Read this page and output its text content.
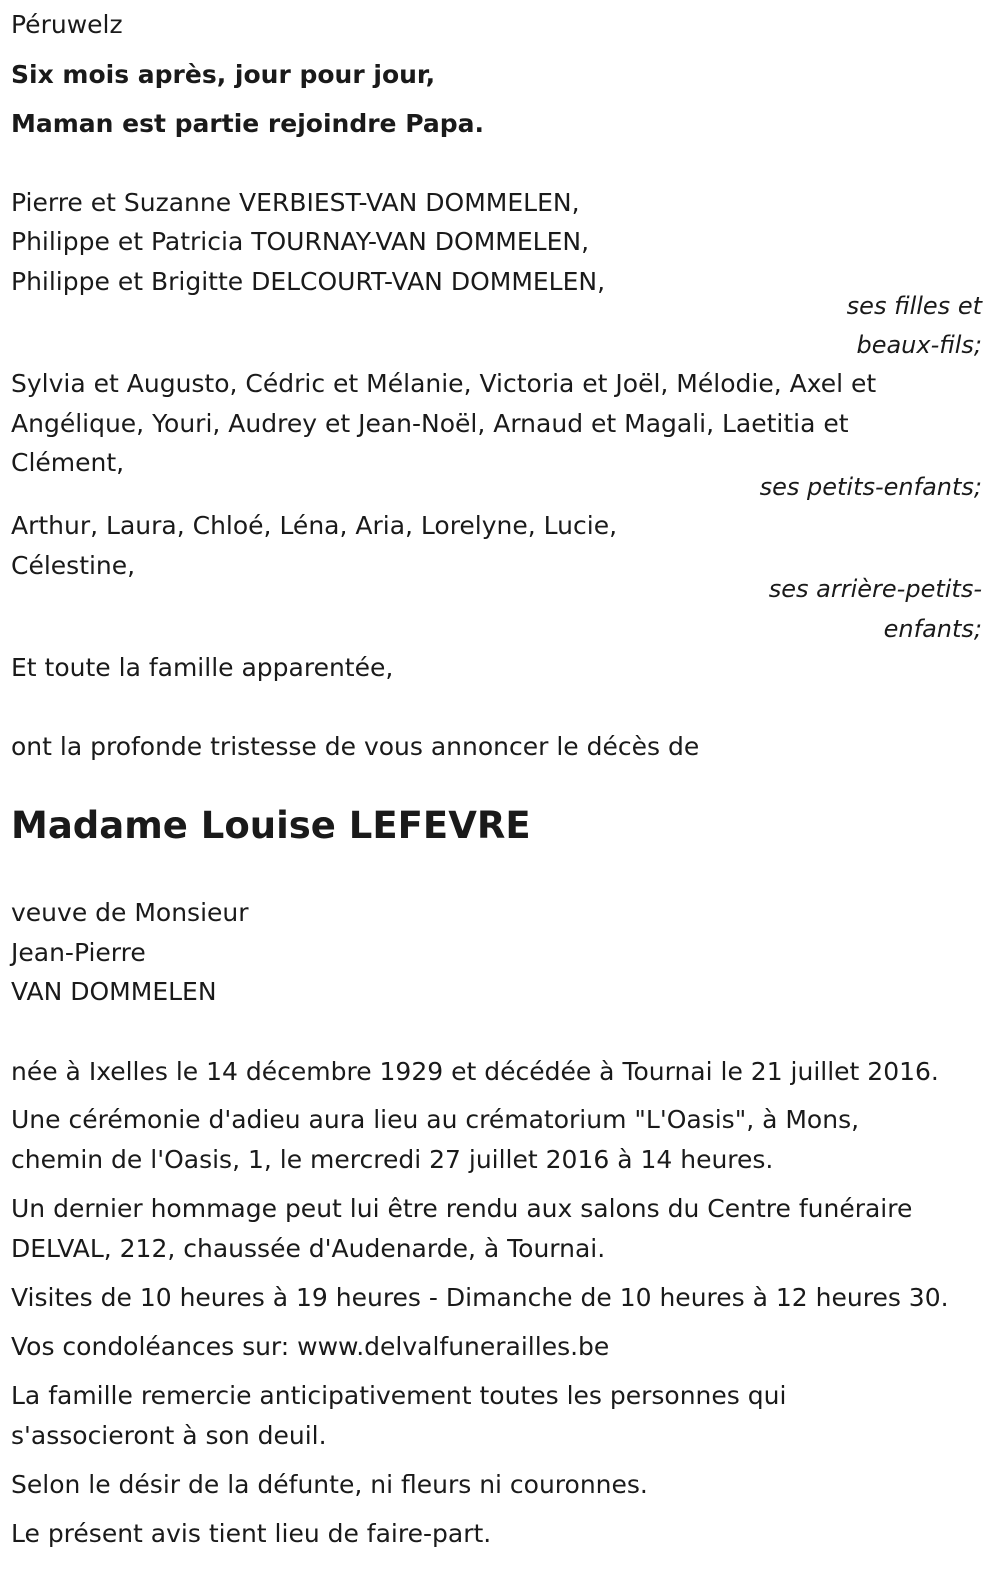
Péruwelz

Six mois après, jour pour jour,

Maman est partie rejoindre Papa.

Pierre et Suzanne VERBIEST-VAN DOMMELEN,

Philippe et Patricia TOURNAY-VAN DOMMELEN,

Philippe et Brigitte DELCOURT-VAN DOMMELEN,

ses filles et

beaux-fils;

Sylvia et Augusto, Cédric et Mélanie, Victoria et Joël, Mélodie, Axel et

Angélique, Youri, Audrey et Jean-Noël, Arnaud et Magali, Laetitia et

Clément,

ses petits-enfants;

Arthur, Laura, Chloé, Léna, Aria, Lorelyne, Lucie,

Célestine,

ses arrière-petits-

enfants;

Et toute la famille apparentée,

ont la profonde tristesse de vous annoncer le décès de

Madame Louise LEFEVRE

veuve de Monsieur

Jean-Pierre

VAN DOMMELEN

née à Ixelles le 14 décembre 1929 et décédée à Tournai le 21 juillet 2016.

Une cérémonie d'adieu aura lieu au crématorium "L'Oasis", à Mons,

chemin de l'Oasis, 1, le mercredi 27 juillet 2016 à 14 heures.

Un dernier hommage peut lui être rendu aux salons du Centre funéraire

DELVAL, 212, chaussée d'Audenarde, à Tournai.

Visites de 10 heures à 19 heures - Dimanche de 10 heures à 12 heures 30.

Vos condoléances sur: www.delvalfunerailles.be

La famille remercie anticipativement toutes les personnes qui

s'associeront à son deuil.

Selon le désir de la défunte, ni fleurs ni couronnes.

Le présent avis tient lieu de faire-part.
